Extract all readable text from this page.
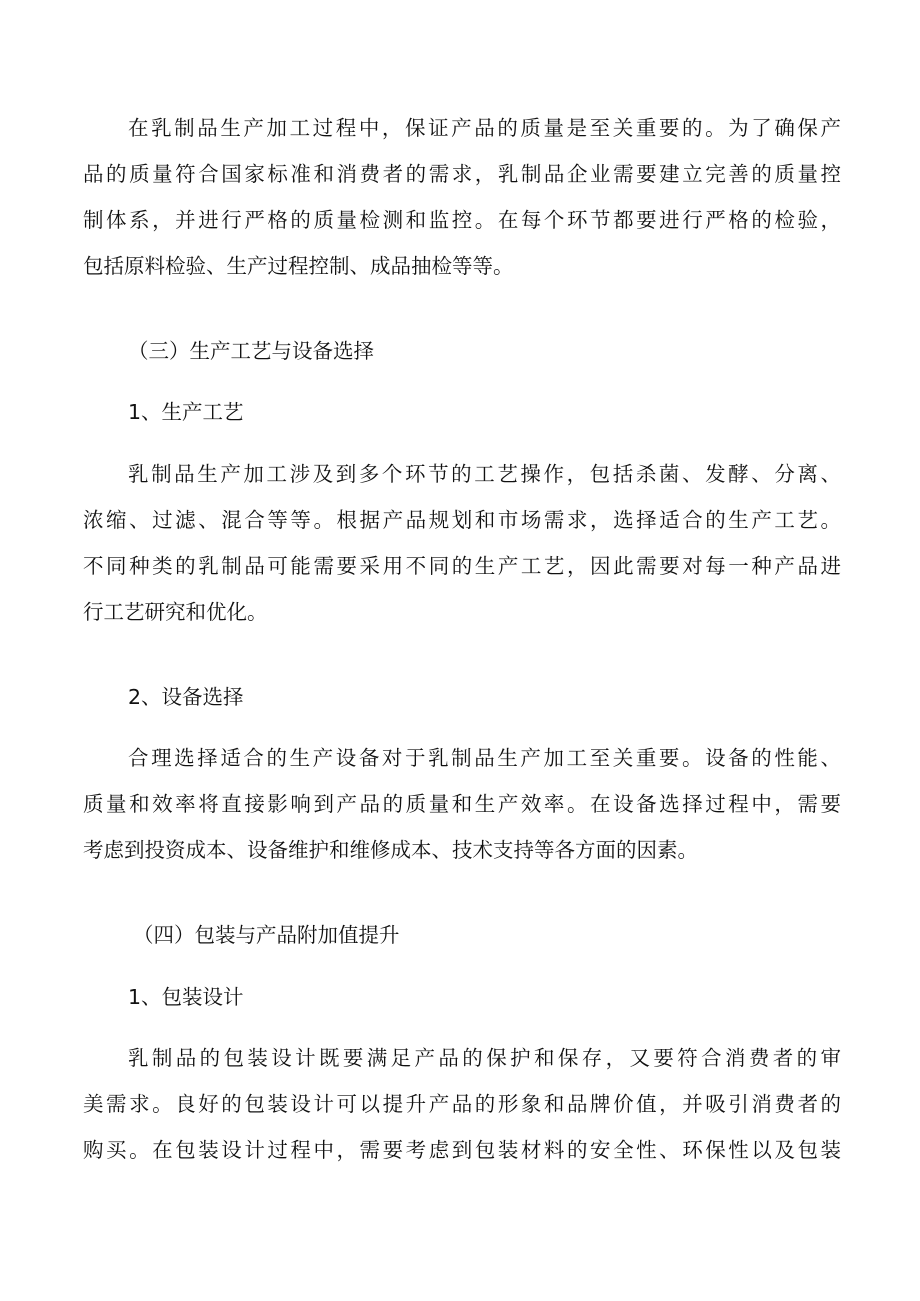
在乳制品生产加工过程中，保证产品的质量是至关重要的。为了确保产
品的质量符合国家标准和消费者的需求，乳制品企业需要建立完善的质量控
制体系，并进行严格的质量检测和监控。在每个环节都要进行严格的检验，
包括原料检验、生产过程控制、成品抽检等等。
（三）生产工艺与设备选择
1、生产工艺
乳制品生产加工涉及到多个环节的工艺操作，包括杀菌、发酵、分离、
浓缩、过滤、混合等等。根据产品规划和市场需求，选择适合的生产工艺。
不同种类的乳制品可能需要采用不同的生产工艺，因此需要对每一种产品进
行工艺研究和优化。
2、设备选择
合理选择适合的生产设备对于乳制品生产加工至关重要。设备的性能、
质量和效率将直接影响到产品的质量和生产效率。在设备选择过程中，需要
考虑到投资成本、设备维护和维修成本、技术支持等各方面的因素。
（四）包装与产品附加值提升
1、包装设计
乳制品的包装设计既要满足产品的保护和保存，又要符合消费者的审
美需求。良好的包装设计可以提升产品的形象和品牌价值，并吸引消费者的
购买。在包装设计过程中，需要考虑到包装材料的安全性、环保性以及包装
